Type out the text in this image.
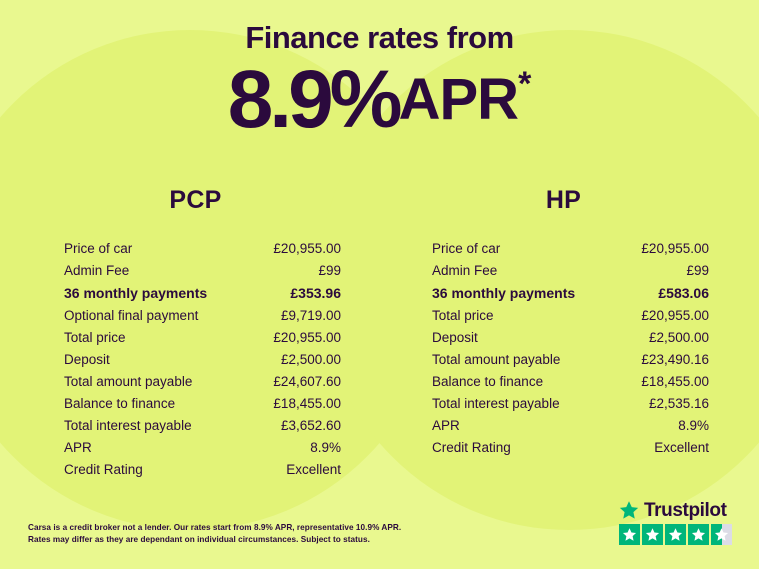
Finance rates from
8.9%APR*
PCP
Price of car	£20,955.00
Admin Fee	£99
36 monthly payments	£353.96
Optional final payment	£9,719.00
Total price	£20,955.00
Deposit	£2,500.00
Total amount payable	£24,607.60
Balance to finance	£18,455.00
Total interest payable	£3,652.60
APR	8.9%
Credit Rating	Excellent
HP
Price of car	£20,955.00
Admin Fee	£99
36 monthly payments	£583.06
Total price	£20,955.00
Deposit	£2,500.00
Total amount payable	£23,490.16
Balance to finance	£18,455.00
Total interest payable	£2,535.16
APR	8.9%
Credit Rating	Excellent
Carsa is a credit broker not a lender. Our rates start from 8.9% APR, representative 10.9% APR.
Rates may differ as they are dependant on individual circumstances. Subject to status.
Trustpilot
